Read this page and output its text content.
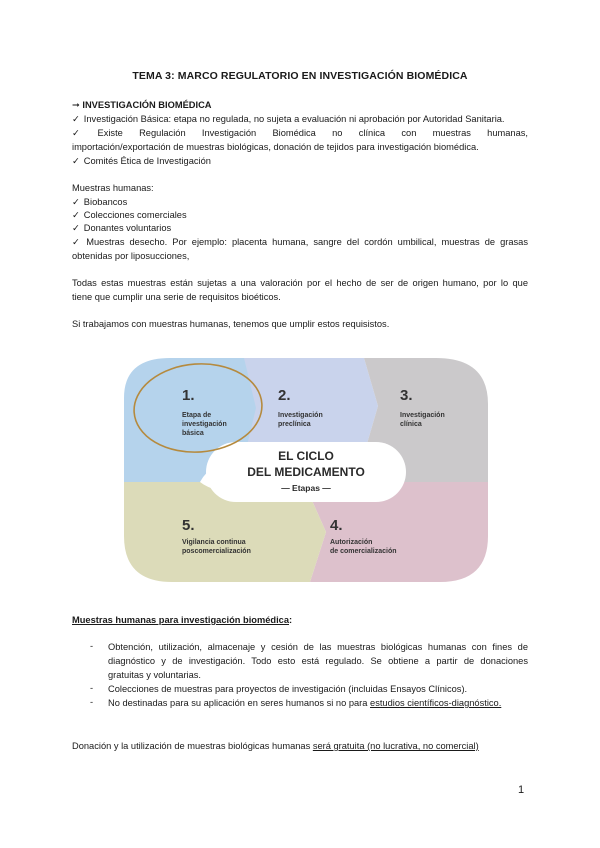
TEMA 3: MARCO REGULATORIO EN INVESTIGACIÓN BIOMÉDICA
➞ INVESTIGACIÓN BIOMÉDICA
✓ Investigación Básica: etapa no regulada, no sujeta a evaluación ni aprobación por Autoridad Sanitaria.
✓ Existe Regulación Investigación Biomédica no clínica con muestras humanas,
importación/exportación de muestras biológicas, donación de tejidos para investigación biomédica.
✓ Comités Ética de Investigación
Muestras humanas:
✓ Biobancos
✓ Colecciones comerciales
✓ Donantes voluntarios
✓ Muestras desecho. Por ejemplo: placenta humana, sangre del cordón umbilical, muestras de grasas
obtenidas por liposucciones,
Todas estas muestras están sujetas a una valoración por el hecho de ser de origen humano, por lo que
tiene que cumplir una serie de requisitos bioéticos.
Si trabajamos con muestras humanas, tenemos que umplir estos requisistos.
EL CICLO
DEL MEDICAMENTO
— Etapas —
1.
Etapa de
investigación
básica
2.
Investigación
preclínica
3.
Investigación
clínica
4.
Autorización
de comercialización
5.
Vigilancia continua
poscomercialización
Muestras humanas para investigación biomédica:
- Obtención, utilización, almacenaje y cesión de las muestras biológicas humanas con fines de
diagnóstico y de investigación. Todo esto está regulado. Se obtiene a partir de donaciones
gratuitas y voluntarias.
- Colecciones de muestras para proyectos de investigación (incluidas Ensayos Clínicos).
- No destinadas para su aplicación en seres humanos si no para estudios científicos-diagnóstico.
Donación y la utilización de muestras biológicas humanas será gratuita (no lucrativa, no comercial)
1
